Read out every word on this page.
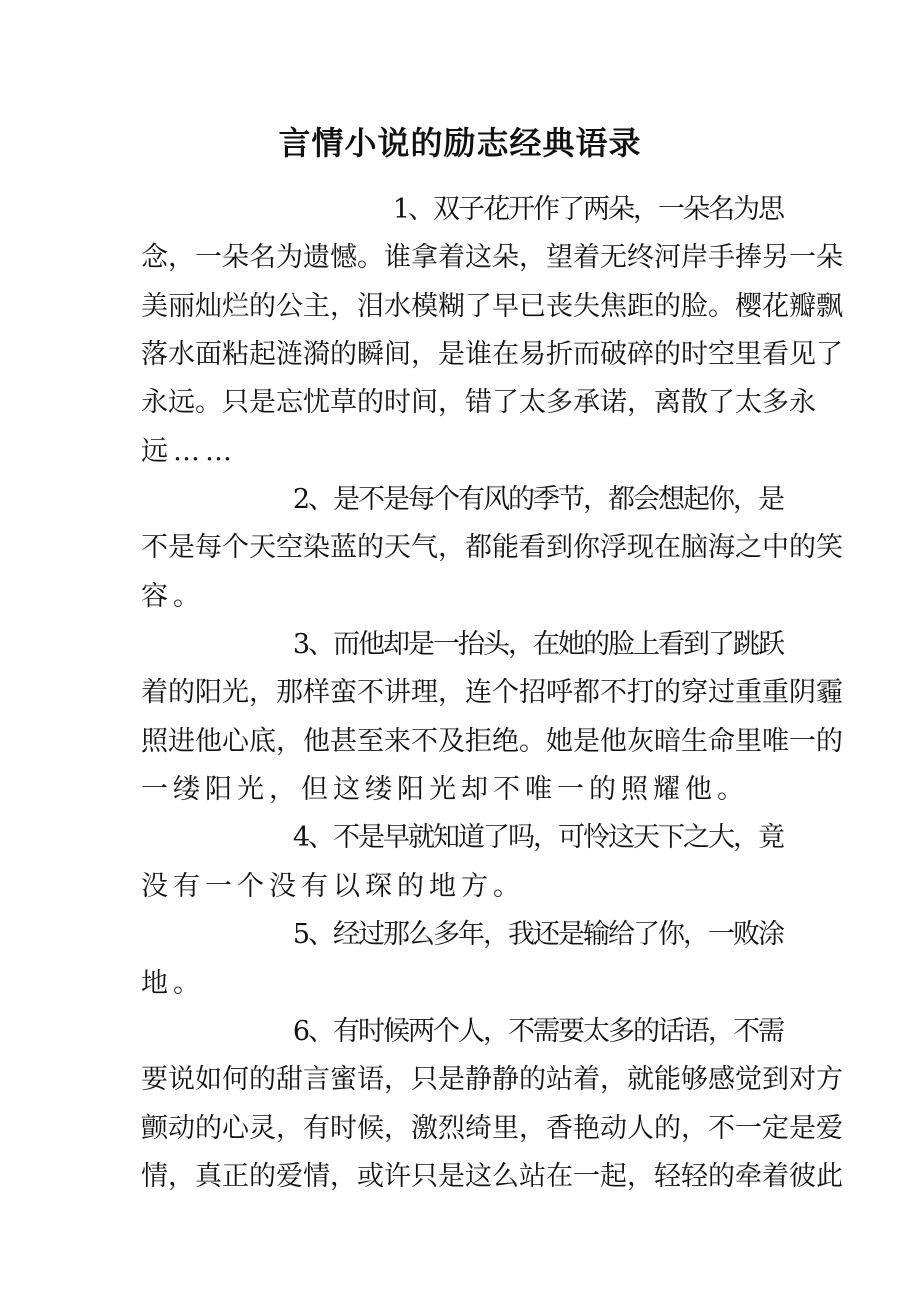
言情小说的励志经典语录
1、双子花开作了两朵，一朵名为思
念，一朵名为遗憾。谁拿着这朵，望着无终河岸手捧另一朵
美丽灿烂的公主，泪水模糊了早已丧失焦距的脸。樱花瓣飘
落水面粘起涟漪的瞬间，是谁在易折而破碎的时空里看见了
永远。只是忘忧草的时间，错了太多承诺，离散了太多永
远……
2、是不是每个有风的季节，都会想起你，是
不是每个天空染蓝的天气，都能看到你浮现在脑海之中的笑
容。
3、而他却是一抬头，在她的脸上看到了跳跃
着的阳光，那样蛮不讲理，连个招呼都不打的穿过重重阴霾
照进他心底，他甚至来不及拒绝。她是他灰暗生命里唯一的
一缕阳光，但这缕阳光却不唯一的照耀他。
4、不是早就知道了吗，可怜这天下之大，竟
没有一个没有以琛的地方。
5、经过那么多年，我还是输给了你，一败涂
地。
6、有时候两个人，不需要太多的话语，不需
要说如何的甜言蜜语，只是静静的站着，就能够感觉到对方
颤动的心灵，有时候，激烈绮里，香艳动人的，不一定是爱
情，真正的爱情，或许只是这么站在一起，轻轻的牵着彼此
